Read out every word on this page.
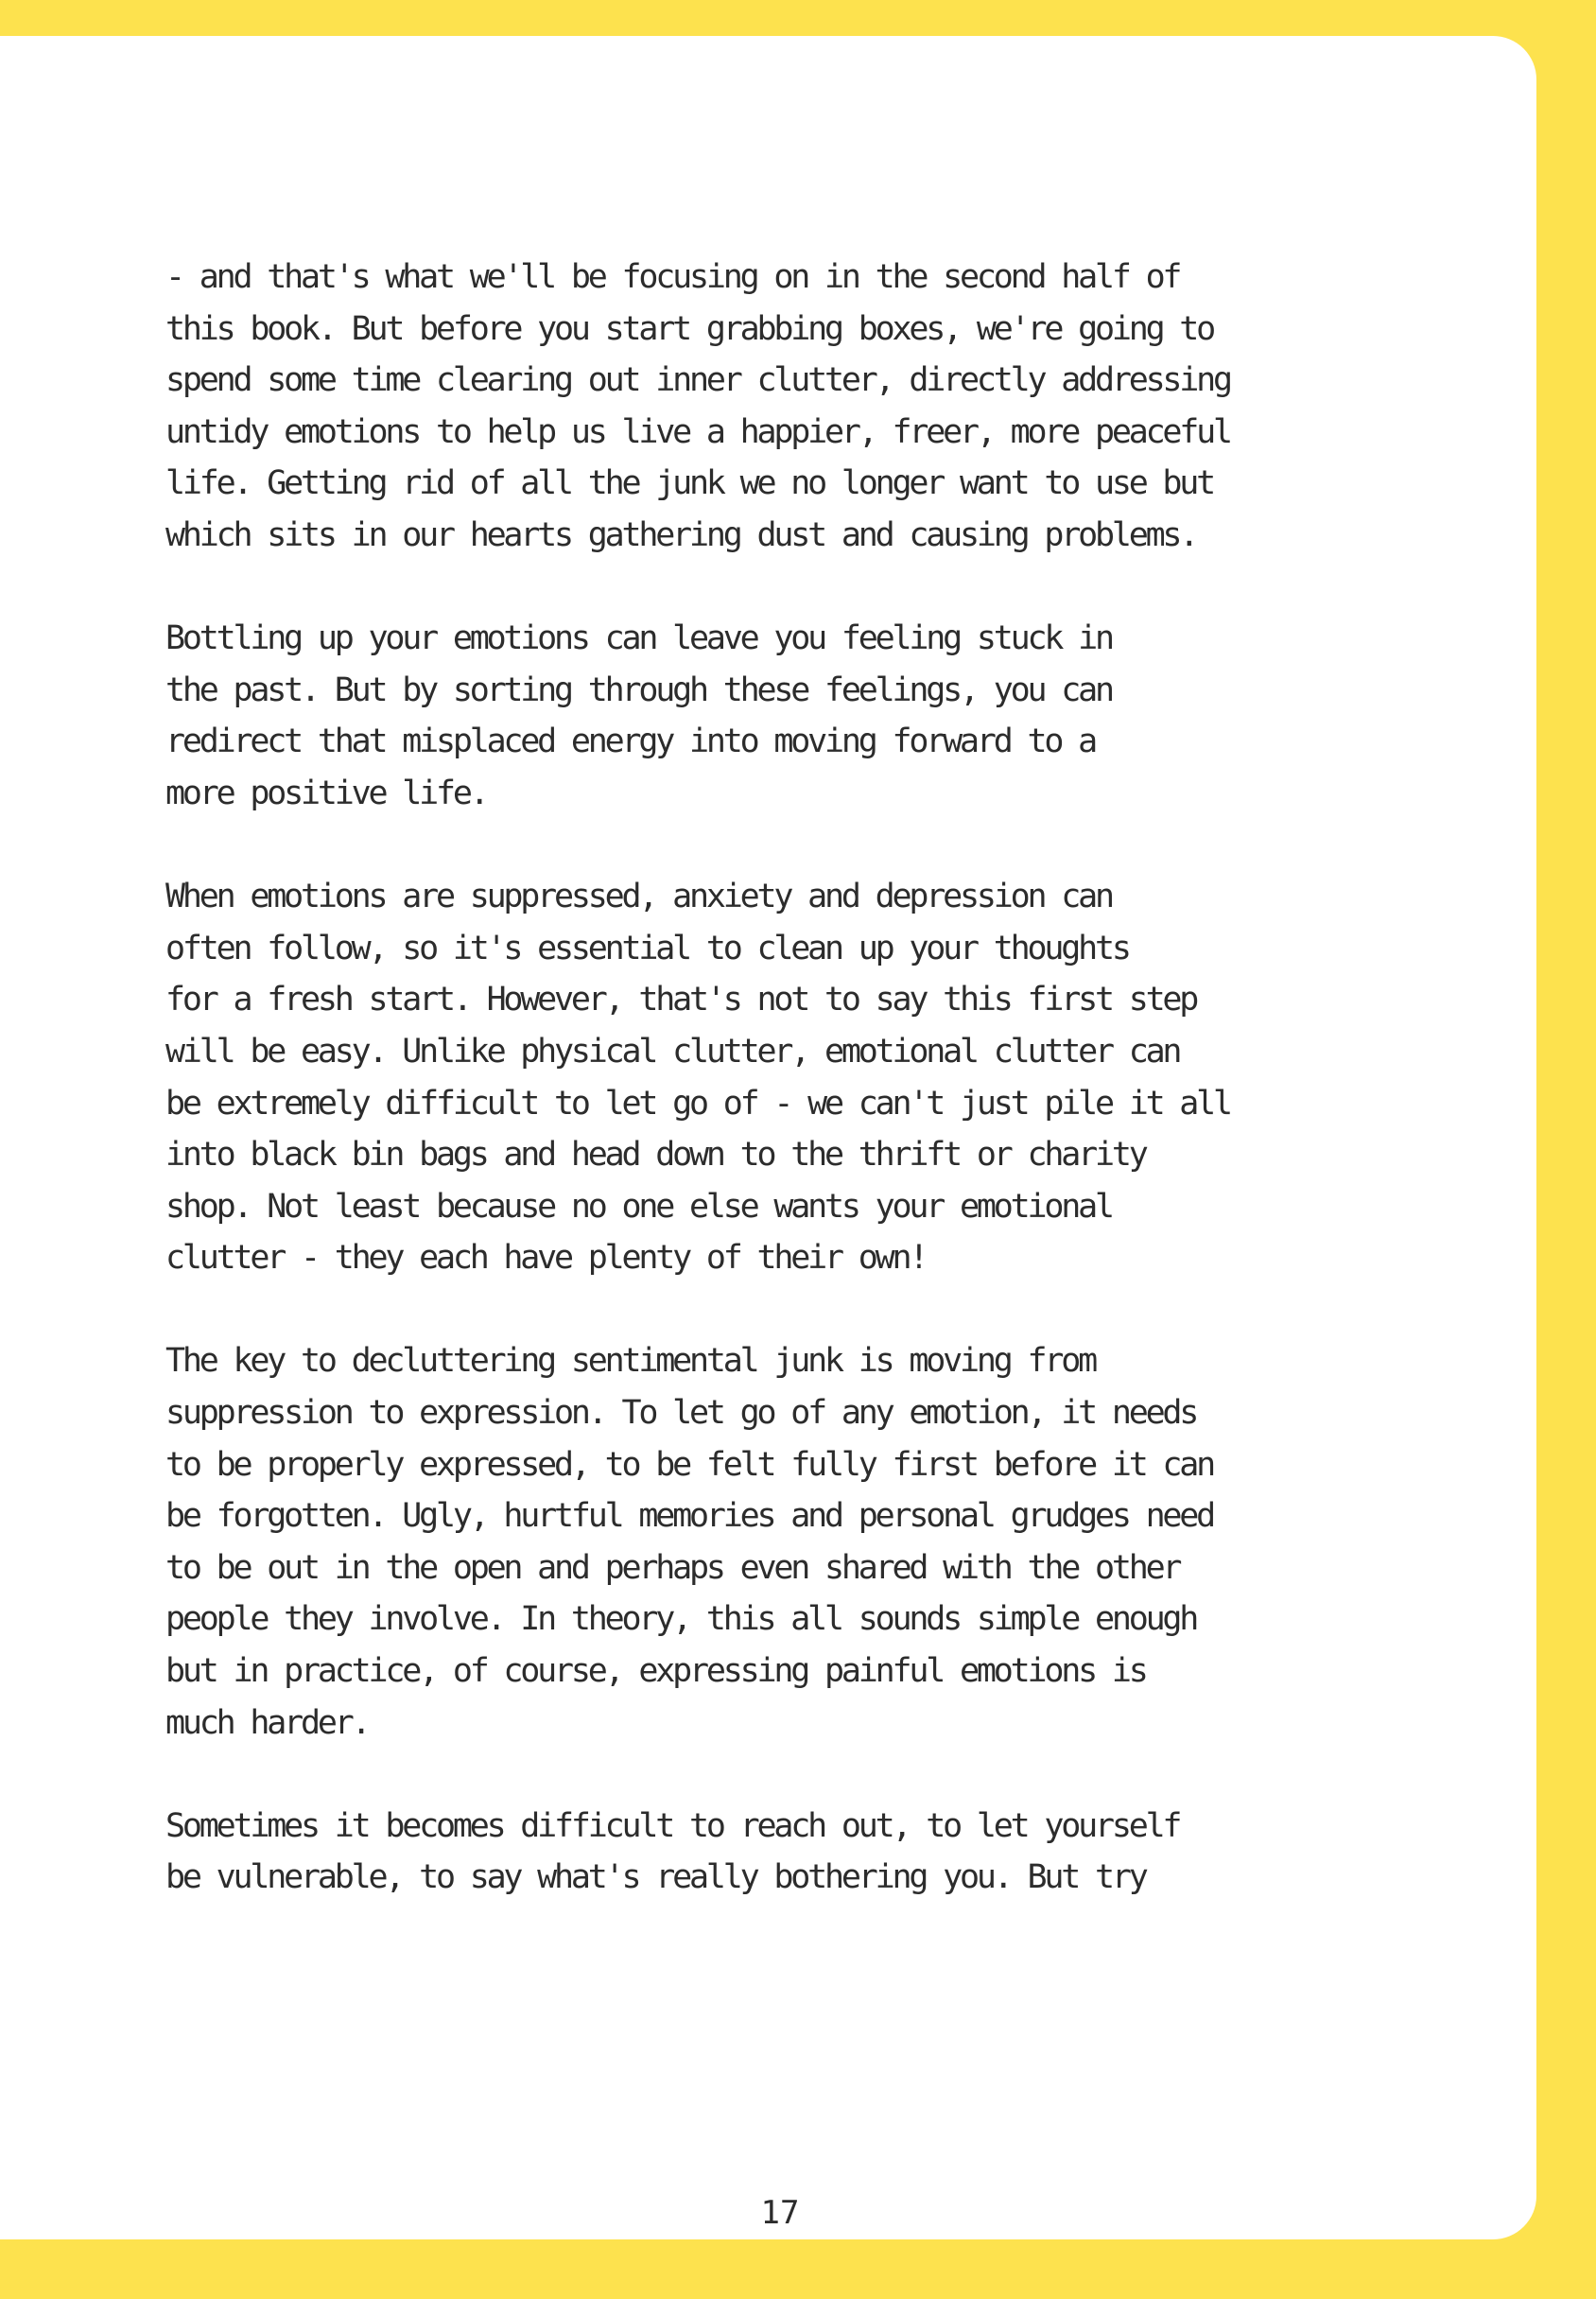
- and that's what we'll be focusing on in the second half of
this book. But before you start grabbing boxes, we're going to
spend some time clearing out inner clutter, directly addressing
untidy emotions to help us live a happier, freer, more peaceful
life. Getting rid of all the junk we no longer want to use but
which sits in our hearts gathering dust and causing problems.

Bottling up your emotions can leave you feeling stuck in
the past. But by sorting through these feelings, you can
redirect that misplaced energy into moving forward to a
more positive life.

When emotions are suppressed, anxiety and depression can
often follow, so it's essential to clean up your thoughts
for a fresh start. However, that's not to say this first step
will be easy. Unlike physical clutter, emotional clutter can
be extremely difficult to let go of - we can't just pile it all
into black bin bags and head down to the thrift or charity
shop. Not least because no one else wants your emotional
clutter - they each have plenty of their own!

The key to decluttering sentimental junk is moving from
suppression to expression. To let go of any emotion, it needs
to be properly expressed, to be felt fully first before it can
be forgotten. Ugly, hurtful memories and personal grudges need
to be out in the open and perhaps even shared with the other
people they involve. In theory, this all sounds simple enough
but in practice, of course, expressing painful emotions is
much harder.

Sometimes it becomes difficult to reach out, to let yourself
be vulnerable, to say what's really bothering you. But try

17
